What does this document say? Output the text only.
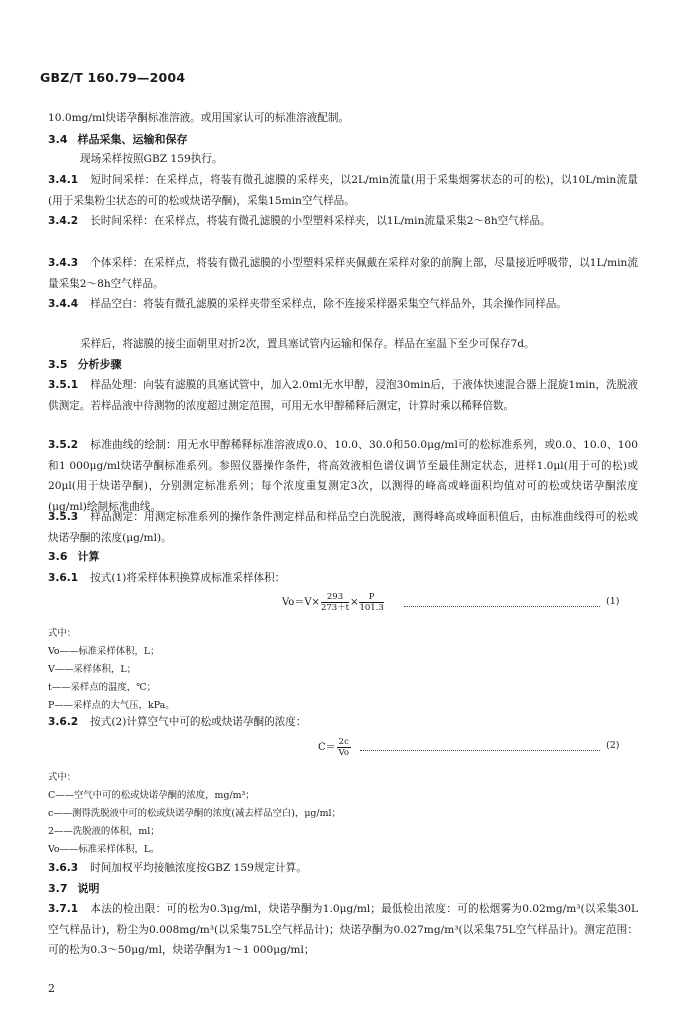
GBZ/T 160.79—2004
10.0mg/ml炔诺孕酮标准溶液。或用国家认可的标准溶液配制。
3.4 样品采集、运输和保存
现场采样按照GBZ 159执行。
3.4.1 短时间采样：在采样点，将装有微孔滤膜的采样夹，以2L/min流量(用于采集烟雾状态的可的松)，以10L/min流量(用于采集粉尘状态的可的松或炔诺孕酮)，采集15min空气样品。
3.4.2 长时间采样：在采样点，将装有微孔滤膜的小型塑料采样夹，以1L/min流量采集2～8h空气样品。
3.4.3 个体采样：在采样点，将装有微孔滤膜的小型塑料采样夹佩戴在采样对象的前胸上部，尽量接近呼吸带，以1L/min流量采集2～8h空气样品。
3.4.4 样品空白：将装有微孔滤膜的采样夹带至采样点，除不连接采样器采集空气样品外，其余操作同样品。
采样后，将滤膜的接尘面朝里对折2次，置具塞试管内运输和保存。样品在室温下至少可保存7d。
3.5 分析步骤
3.5.1 样品处理：向装有滤膜的具塞试管中，加入2.0ml无水甲醇，浸泡30min后，于液体快速混合器上混旋1min，洗脱液供测定。若样品液中待测物的浓度超过测定范围，可用无水甲醇稀释后测定，计算时乘以稀释倍数。
3.5.2 标准曲线的绘制：用无水甲醇稀释标准溶液成0.0、10.0、30.0和50.0μg/ml可的松标准系列，或0.0、10.0、100和1 000μg/ml炔诺孕酮标准系列。参照仪器操作条件，将高效液相色谱仪调节至最佳测定状态，进样1.0μl(用于可的松)或20μl(用于炔诺孕酮)，分别测定标准系列；每个浓度重复测定3次，以测得的峰高或峰面积均值对可的松或炔诺孕酮浓度(μg/ml)绘制标准曲线。
3.5.3 样品测定：用测定标准系列的操作条件测定样品和样品空白洗脱液，测得峰高或峰面积值后，由标准曲线得可的松或炔诺孕酮的浓度(μg/ml)。
3.6 计算
3.6.1 按式(1)将采样体积换算成标准采样体积：
$Vo=V\times \frac{293}{273+t} \times \frac{P}{101.3}$	(1)
式中：
Vo——标准采样体积，L；
V——采样体积，L；
t——采样点的温度，℃；
P——采样点的大气压，kPa。
3.6.2 按式(2)计算空气中可的松或炔诺孕酮的浓度：
$C= \frac{2c}{Vo}$	(2)
式中：
C——空气中可的松或炔诺孕酮的浓度，mg/m³；
c——测得洗脱液中可的松或炔诺孕酮的浓度(减去样品空白)，μg/ml；
2——洗脱液的体积，ml；
Vo——标准采样体积，L。
3.6.3 时间加权平均接触浓度按GBZ 159规定计算。
3.7 说明
3.7.1 本法的检出限：可的松为0.3μg/ml，炔诺孕酮为1.0μg/ml；最低检出浓度：可的松烟雾为0.02mg/m³(以采集30L空气样品计)，粉尘为0.008mg/m³(以采集75L空气样品计)；炔诺孕酮为0.027mg/m³(以采集75L空气样品计)。测定范围：可的松为0.3～50μg/ml，炔诺孕酮为1～1 000μg/ml；
2
